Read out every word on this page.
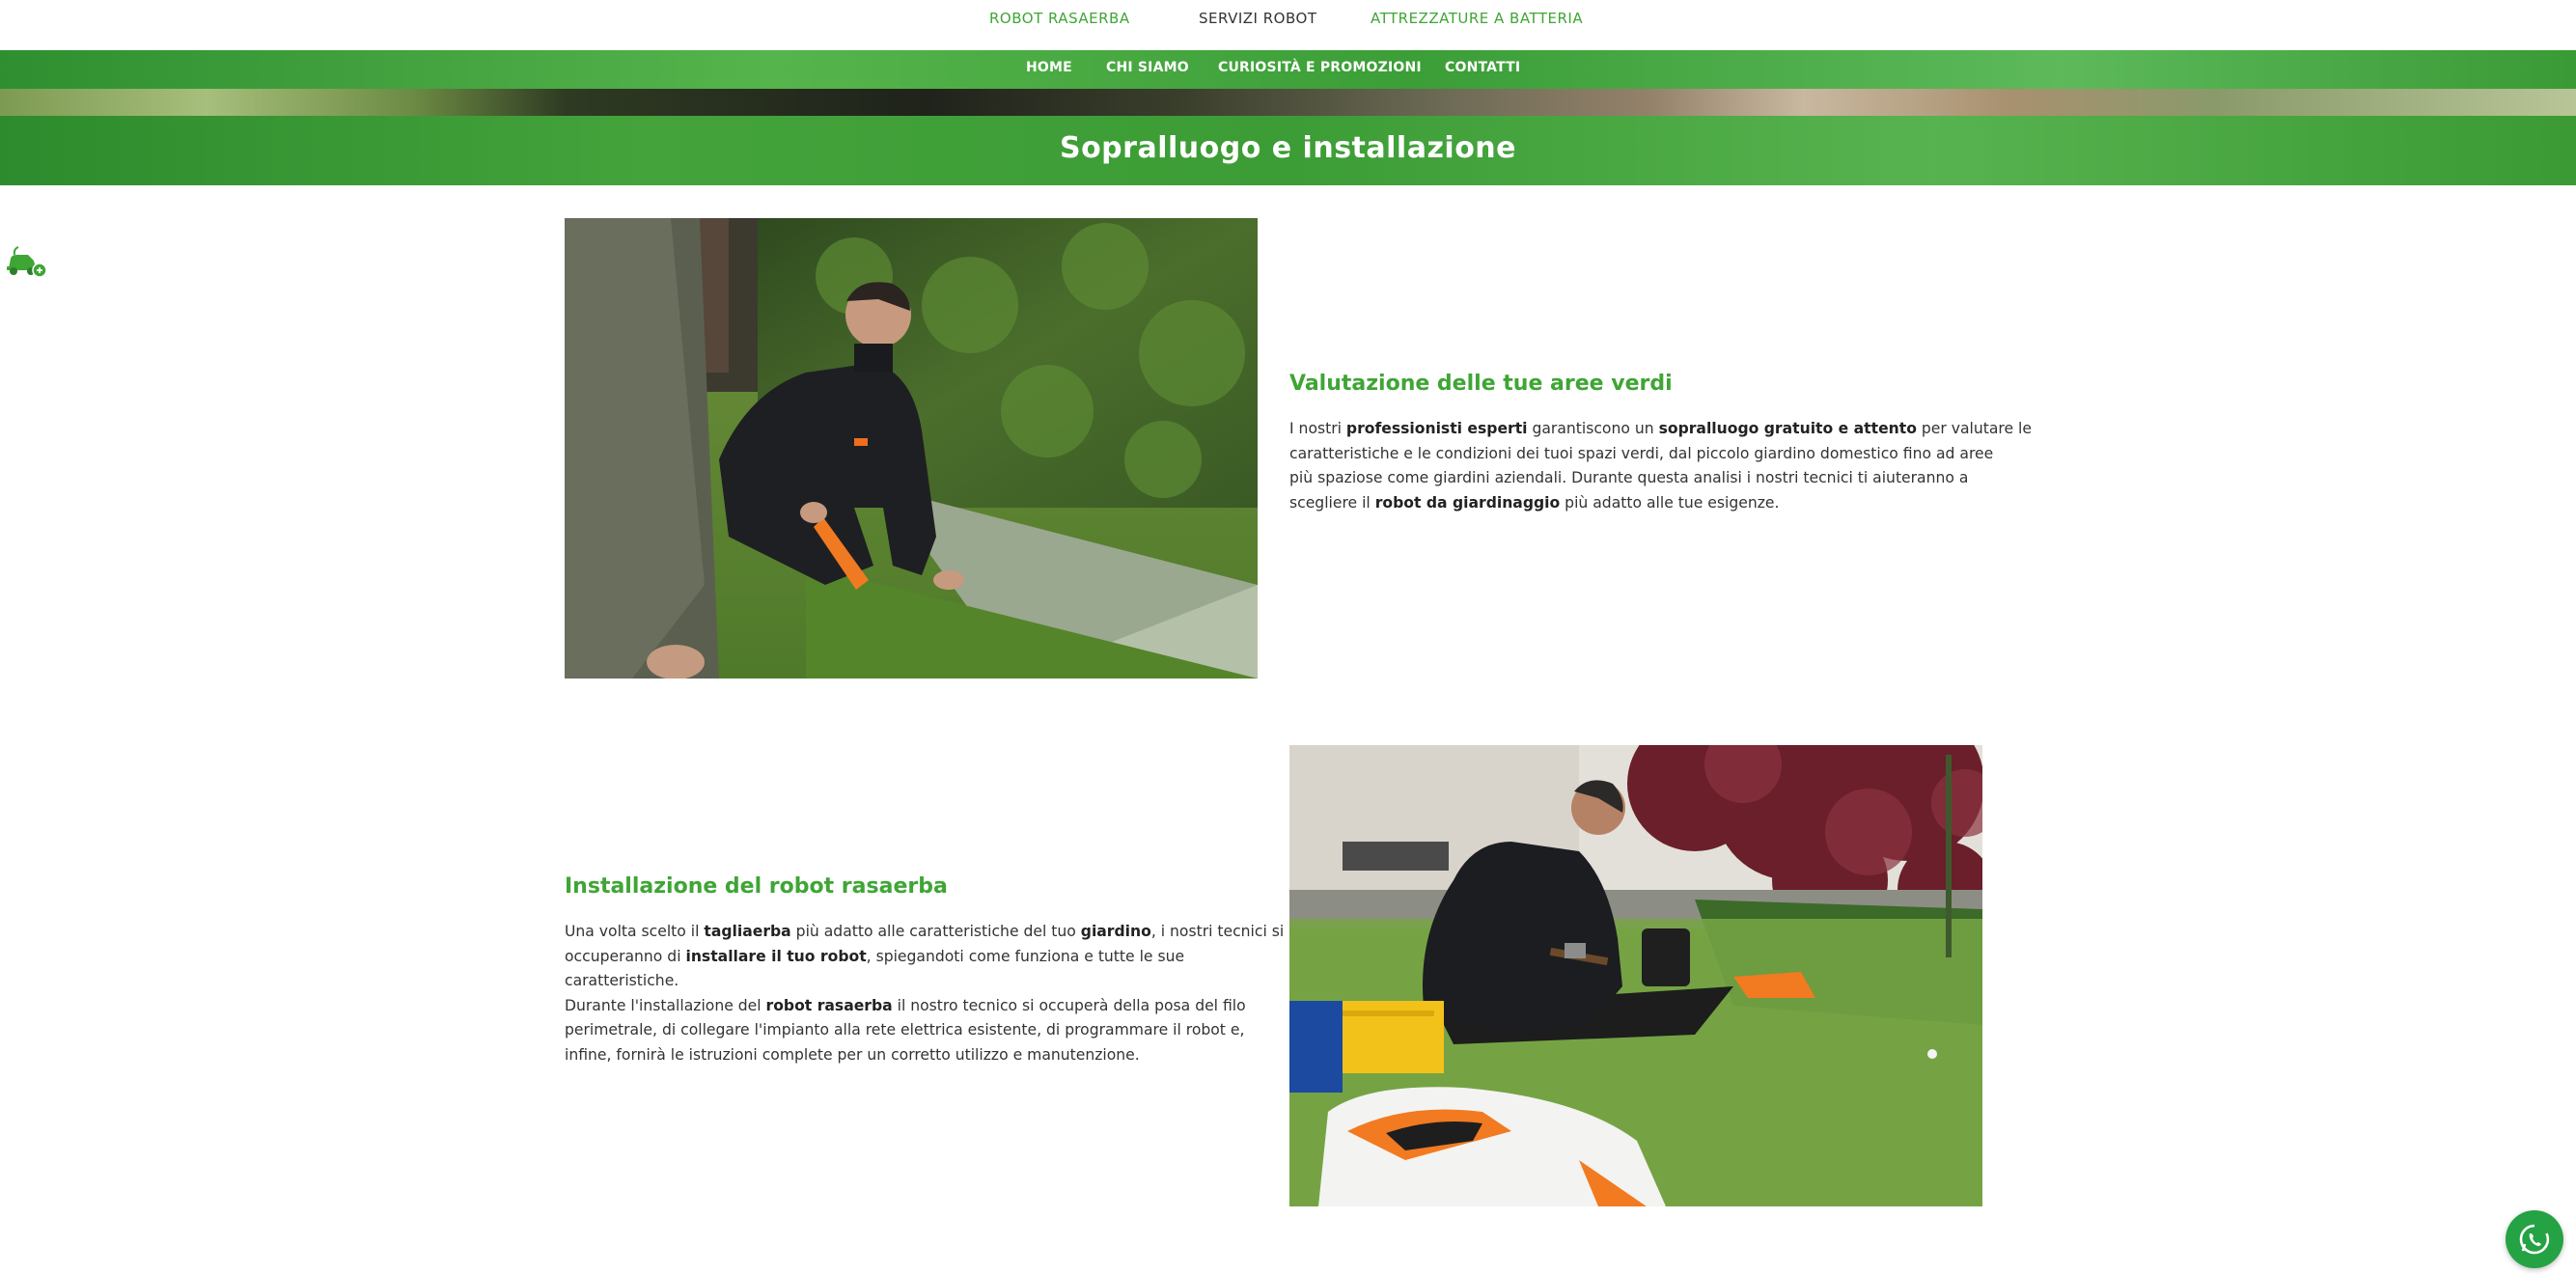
ROBOT RASAERBA	SERVIZI ROBOT	ATTREZZATURE A BATTERIA
HOME	CHI SIAMO CURIOSITÀ E PROMOZIONI CONTATTI
Sopralluogo e installazione
Valutazione delle tue aree verdi
I nostri professionisti esperti garantiscono un sopralluogo gratuito e attento per valutare le
caratteristiche e le condizioni dei tuoi spazi verdi, dal piccolo giardino domestico fino ad aree
più spaziose come giardini aziendali. Durante questa analisi i nostri tecnici ti aiuteranno a
scegliere il robot da giardinaggio più adatto alle tue esigenze.
Installazione del robot rasaerba
Una volta scelto il tagliaerba più adatto alle caratteristiche del tuo giardino, i nostri tecnici si
occuperanno di installare il tuo robot, spiegandoti come funziona e tutte le sue
caratteristiche.
Durante l'installazione del robot rasaerba il nostro tecnico si occuperà della posa del filo
perimetrale, di collegare l'impianto alla rete elettrica esistente, di programmare il robot e,
infine, fornirà le istruzioni complete per un corretto utilizzo e manutenzione.
